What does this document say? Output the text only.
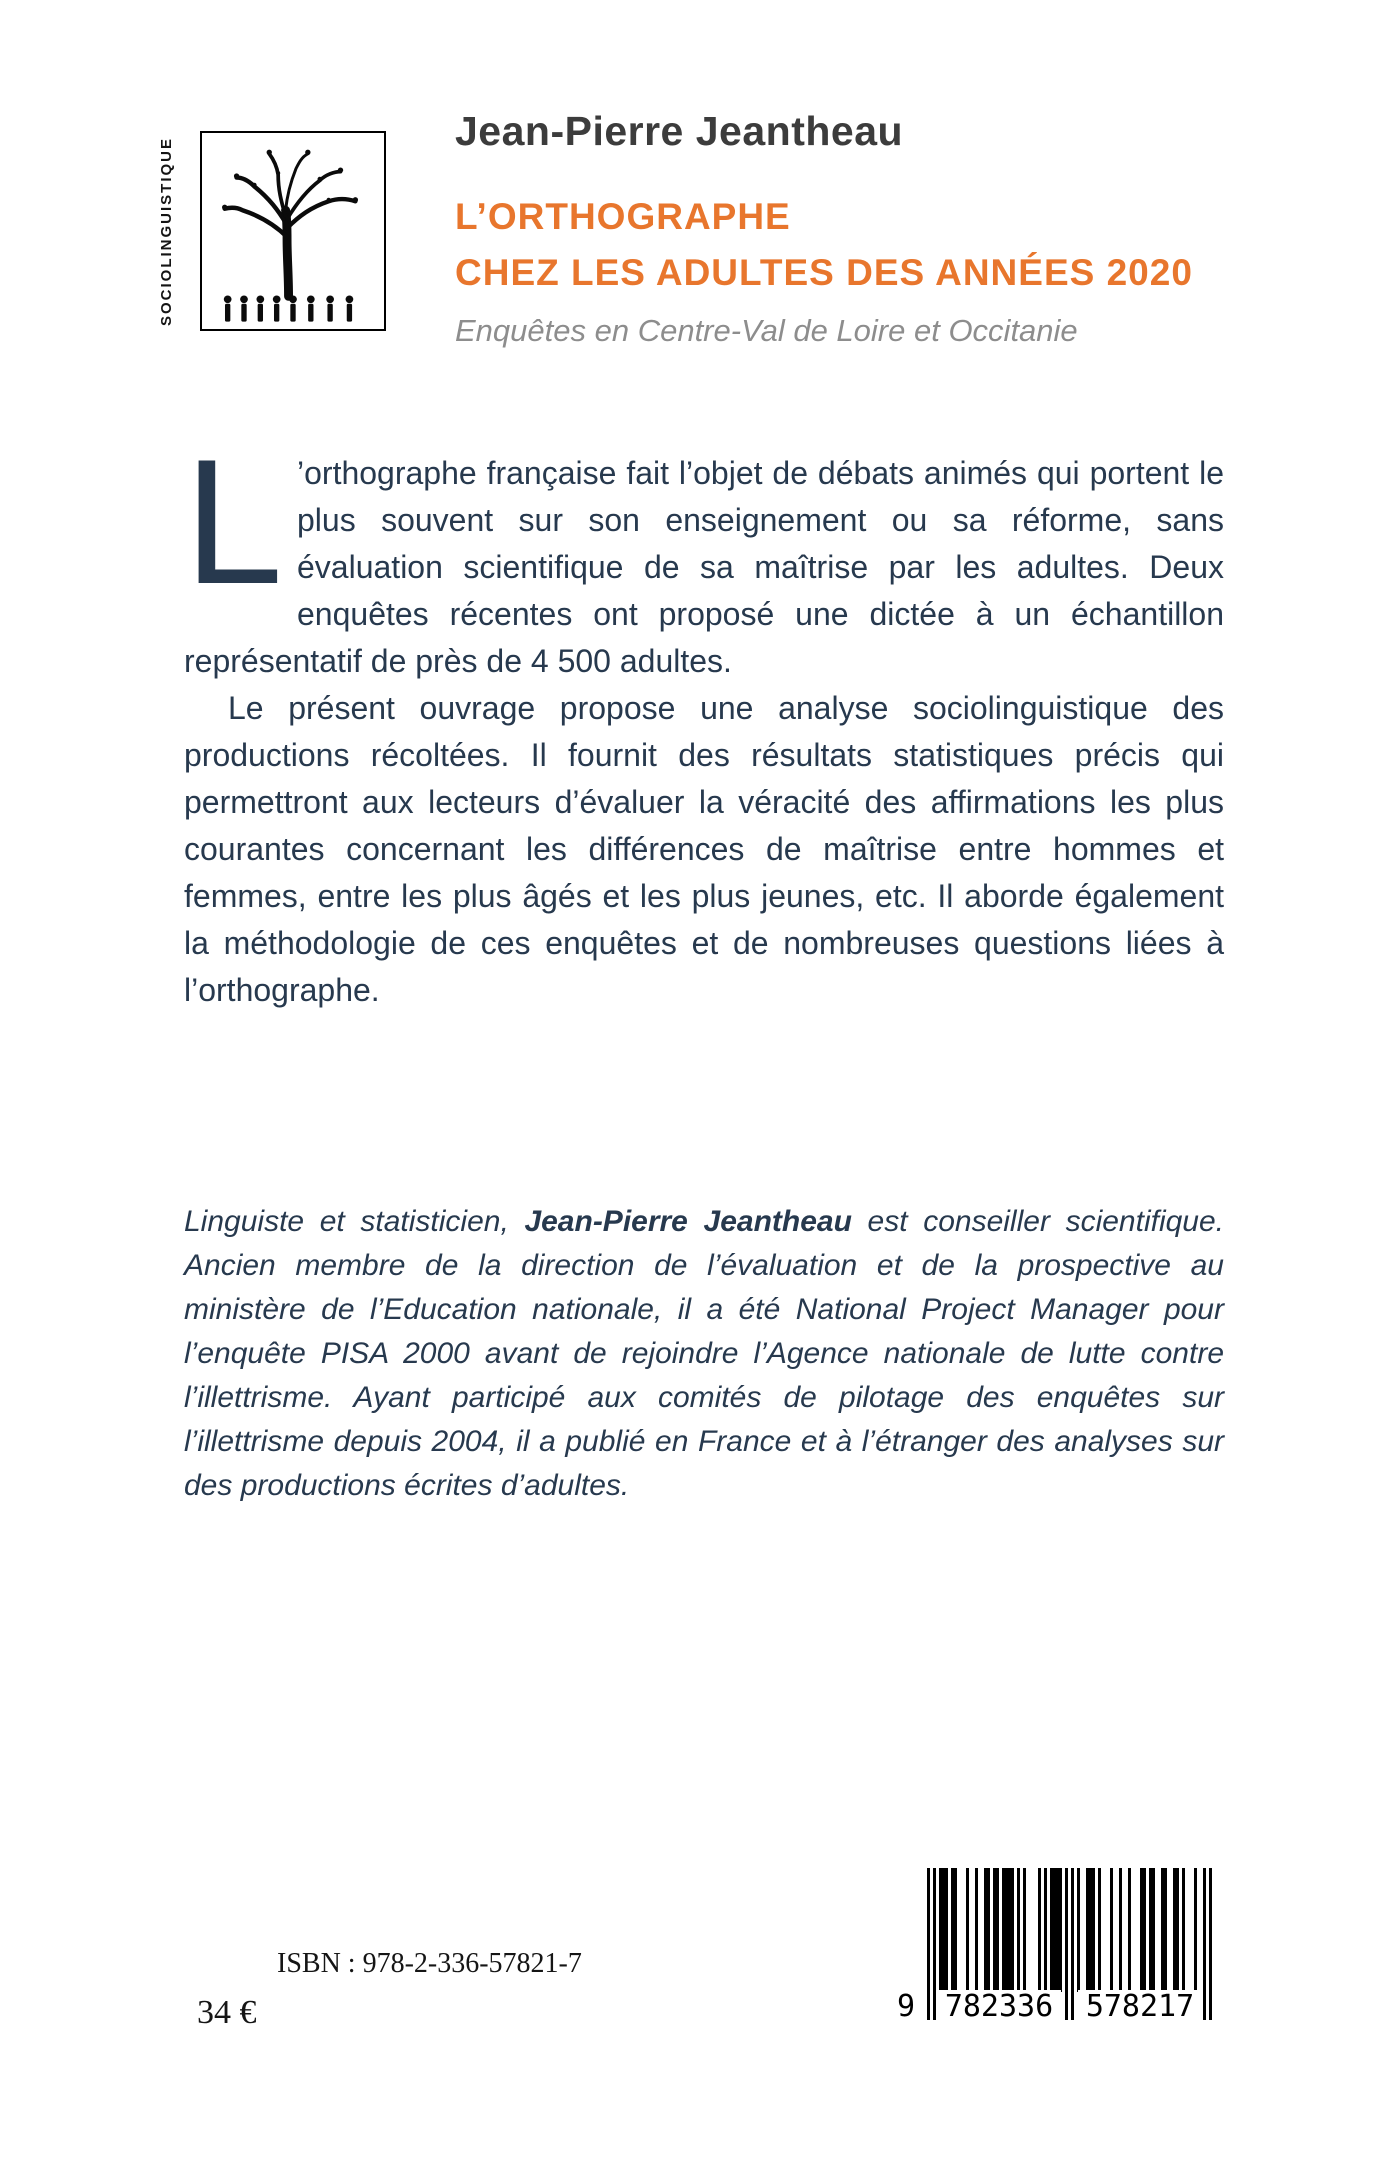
SOCIOLINGUISTIQUE
Jean-Pierre Jeantheau
L’ORTHOGRAPHE
CHEZ LES ADULTES DES ANNÉES 2020
Enquêtes en Centre-Val de Loire et Occitanie

L ’orthographe française fait l’objet de débats animés qui portent le plus souvent sur son enseignement ou sa réforme, sans évaluation scientifique de sa maîtrise par les adultes. Deux enquêtes récentes ont proposé une dictée à un échantillon représentatif de près de 4 500 adultes.

Le présent ouvrage propose une analyse sociolinguistique des productions récoltées. Il fournit des résultats statistiques précis qui permettront aux lecteurs d’évaluer la véracité des affirmations les plus courantes concernant les différences de maîtrise entre hommes et femmes, entre les plus âgés et les plus jeunes, etc. Il aborde également la méthodologie de ces enquêtes et de nombreuses questions liées à l’orthographe.

Linguiste et statisticien, Jean-Pierre Jeantheau est conseiller scientifique. Ancien membre de la direction de l’évaluation et de la prospective au ministère de l’Education nationale, il a été National Project Manager pour l’enquête PISA 2000 avant de rejoindre l’Agence nationale de lutte contre l’illettrisme. Ayant participé aux comités de pilotage des enquêtes sur l’illettrisme depuis 2004, il a publié en France et à l’étranger des analyses sur des productions écrites d’adultes.
ISBN : 978-2-336-57821-7
34 €	9 782336 578217
